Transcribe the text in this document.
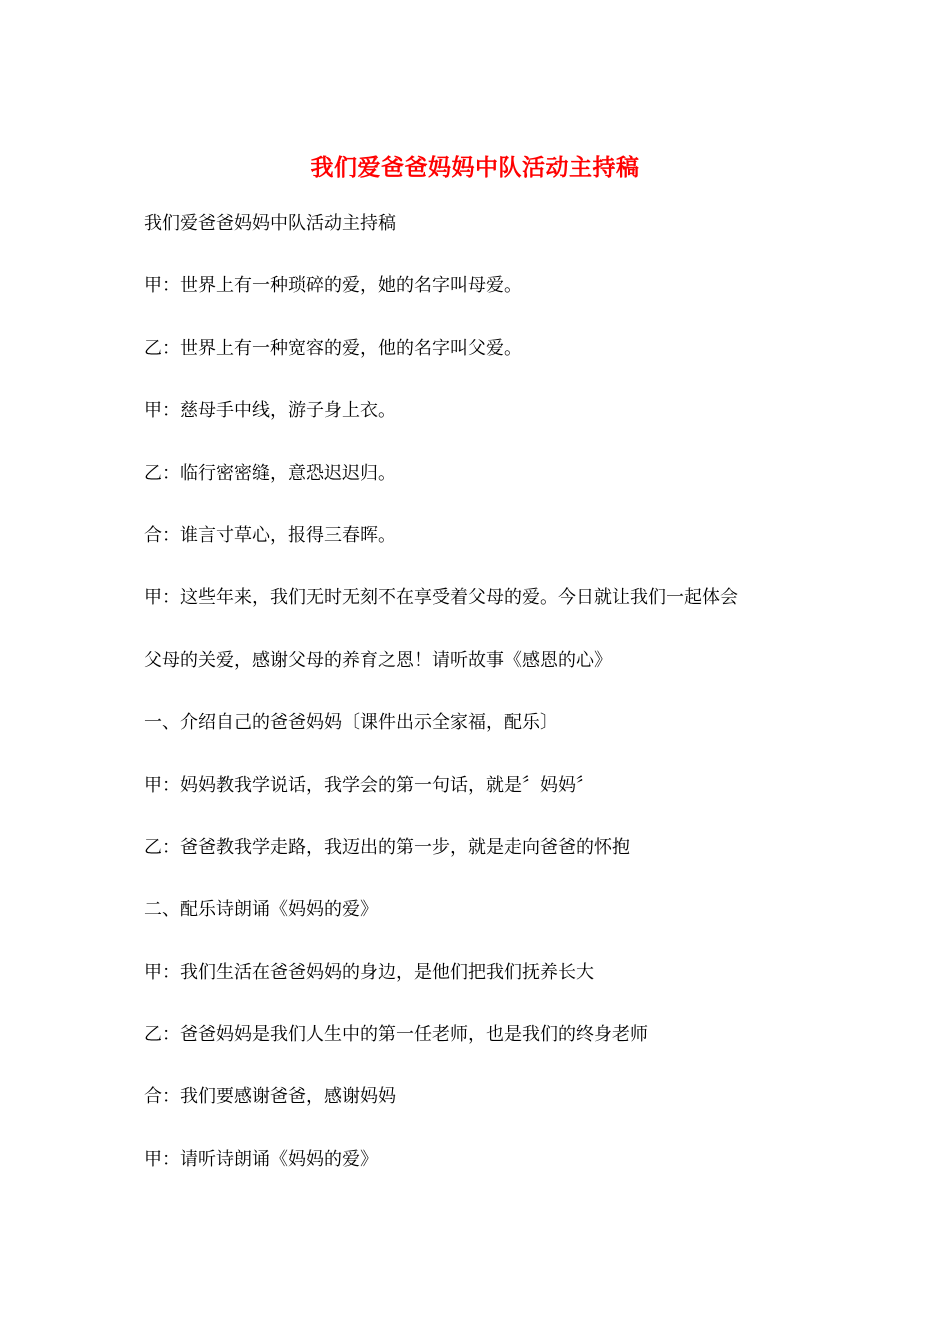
我们爱爸爸妈妈中队活动主持稿

我们爱爸爸妈妈中队活动主持稿

甲：世界上有一种琐碎的爱，她的名字叫母爱。

乙：世界上有一种宽容的爱，他的名字叫父爱。

甲：慈母手中线，游子身上衣。

乙：临行密密缝，意恐迟迟归。

合：谁言寸草心，报得三春晖。

甲：这些年来，我们无时无刻不在享受着父母的爱。今日就让我们一起体会

父母的关爱，感谢父母的养育之恩！请听故事《感恩的心》

一、介绍自己的爸爸妈妈〔课件出示全家福，配乐〕

甲：妈妈教我学说话，我学会的第一句话，就是〞妈妈〞

乙：爸爸教我学走路，我迈出的第一步，就是走向爸爸的怀抱

二、配乐诗朗诵《妈妈的爱》

甲：我们生活在爸爸妈妈的身边，是他们把我们抚养长大

乙：爸爸妈妈是我们人生中的第一任老师，也是我们的终身老师

合：我们要感谢爸爸，感谢妈妈

甲：请听诗朗诵《妈妈的爱》
